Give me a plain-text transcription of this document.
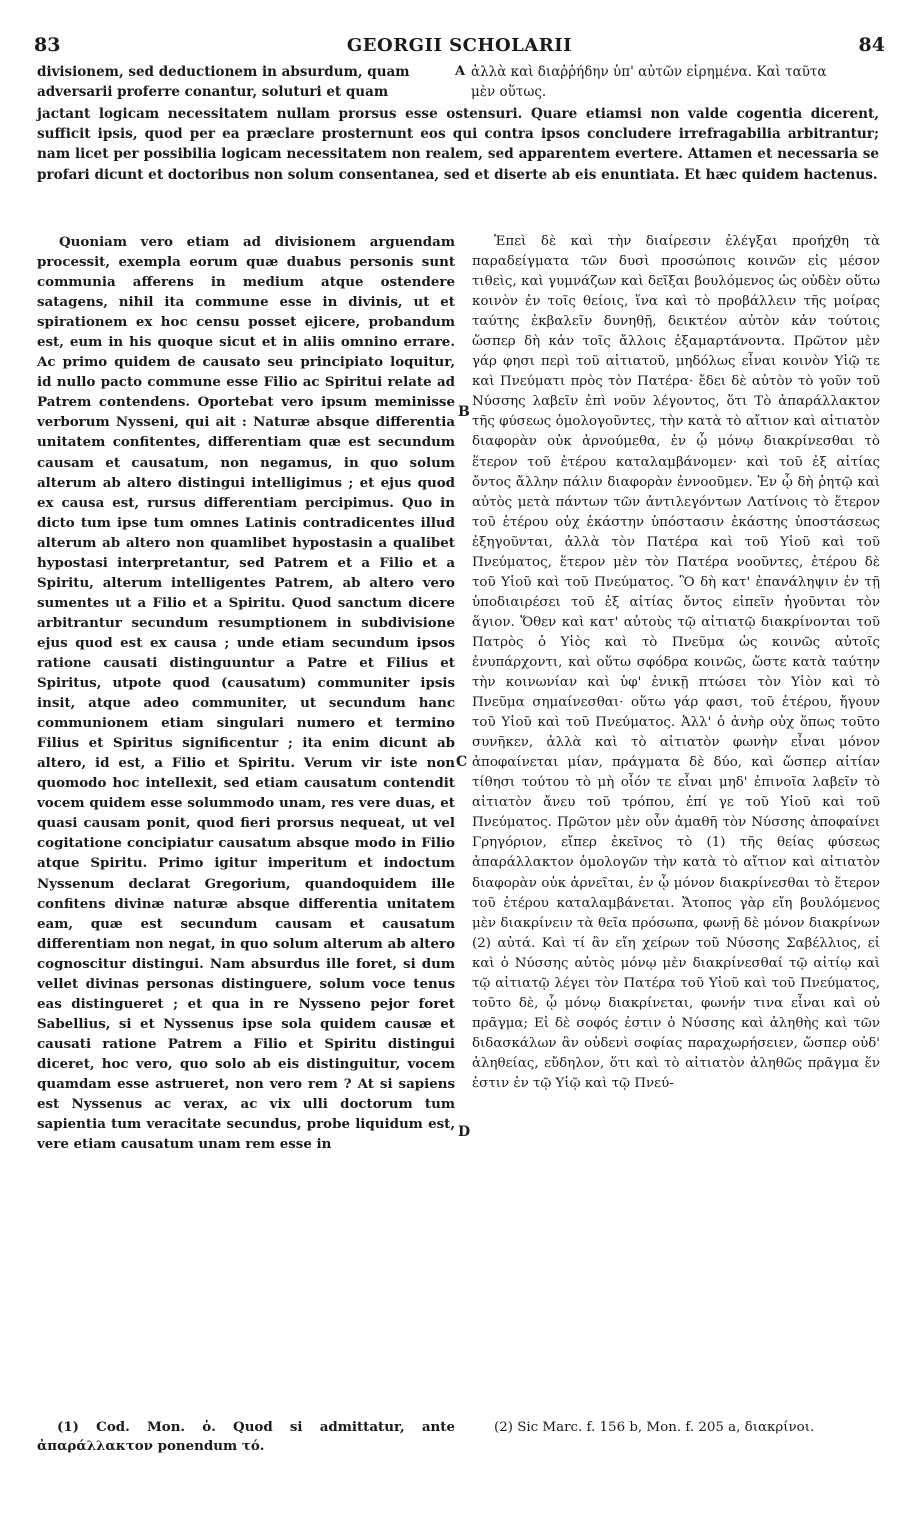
83	GEORGII SCHOLARII	84
divisionem, sed deductionem in absurdum, quam	A ἀλλὰ καὶ διαῤῥήδην ὑπ' αὐτῶν εἰρημένα. Καὶ ταῦτα
adversarii proferre conantur, soluturi et quam	μὲν οὕτως.
jactant logicam necessitatem nullam prorsus esse ostensuri. Quare etiamsi non valde cogentia dicerent, sufficit ipsis, quod per ea præclare prosternunt eos qui contra ipsos concludere irrefragabilia arbitrantur; nam licet per possibilia logicam necessitatem non realem, sed apparentem evertere. Attamen et necessaria se profari dicunt et doctoribus non solum consentanea, sed et diserte ab eis enuntiata. Et hæc quidem hactenus.

Quoniam vero etiam ad divisionem arguendam processit, exempla eorum quæ duabus personis sunt communia afferens in medium atque ostendere satagens, nihil ita commune esse in divinis, ut et spirationem ex hoc censu posset ejicere, probandum est, eum in his quoque sicut et in aliis omnino errare. Ac primo quidem de causato seu principiato loquitur, id nullo pacto commune esse Filio ac Spiritui relate ad Patrem contendens. Oportebat vero ipsum meminisse verborum Nysseni, qui ait : Naturæ absque differentia unitatem confitentes, differentiam quæ est secundum causam et causatum, non negamus, in quo solum alterum ab altero distingui intelligimus ; et ejus quod ex causa est, rursus differentiam percipimus. Quo in dicto tum ipse tum omnes Latinis contradicentes illud alterum ab altero non quamlibet hypostasin a qualibet hypostasi interpretantur, sed Patrem et a Filio et a Spiritu, alterum intelligentes Patrem, ab altero vero sumentes ut a Filio et a Spiritu. Quod sanctum dicere arbitrantur secundum resumptionem in subdivisione ejus quod est ex causa ; unde etiam secundum ipsos ratione causati distinguuntur a Patre et Filius et Spiritus, utpote quod (causatum) communiter ipsis insit, atque adeo communiter, ut secundum hanc communionem etiam singulari numero et termino Filius et Spiritus significentur ; ita enim dicunt ab altero, id est, a Filio et Spiritu. Verum vir iste non quomodo hoc intellexit, sed etiam causatum contendit vocem quidem esse solummodo unam, res vere duas, et quasi causam ponit, quod fieri prorsus nequeat, ut vel cogitatione concipiatur causatum absque modo in Filio atque Spiritu. Primo igitur imperitum et indoctum Nyssenum declarat Gregorium, quandoquidem ille confitens divinæ naturæ absque differentia unitatem eam, quæ est secundum causam et causatum differentiam non negat, in quo solum alterum ab altero cognoscitur distingui. Nam absurdus ille foret, si dum vellet divinas personas distinguere, solum voce tenus eas distingueret ; et qua in re Nysseno pejor foret Sabellius, si et Nyssenus ipse sola quidem causæ et causati ratione Patrem a Filio et Spiritu distingui diceret, hoc vero, quo solo ab eis distinguitur, vocem quamdam esse astrueret, non vero rem ? At si sapiens est Nyssenus ac verax, ac vix ulli doctorum tum sapientia tum veracitate secundus, probe liquidum est, vere etiam causatum unam rem esse in

Ἐπεὶ δὲ καὶ τὴν διαίρεσιν ἐλέγξαι προήχθη τὰ παραδείγματα τῶν δυσὶ προσώποις κοινῶν εἰς μέσον τιθεὶς, καὶ γυμνάζων καὶ δεῖξαι βουλόμενος ὡς οὐδὲν οὕτω κοινὸν ἐν τοῖς θείοις, ἵνα καὶ τὸ προβάλλειν τῆς μοίρας ταύτης ἐκβαλεῖν δυνηθῇ, δεικτέον αὐτὸν κἀν τούτοις ὥσπερ δὴ κἀν τοῖς ἄλλοις ἐξαμαρτάνοντα. Πρῶτον μὲν γάρ φησι περὶ τοῦ αἰτιατοῦ, μηδόλως εἶναι κοινὸν Υἱῷ τε καὶ Πνεύματι πρὸς τὸν Πατέρα· ἔδει δὲ αὐτὸν τὸ γοῦν τοῦ Νύσσης λαβεῖν ἐπὶ νοῦν λέγοντος, ὅτι Τὸ ἀπαράλλακτον τῆς φύσεως ὁμολογοῦντες, τὴν κατὰ τὸ αἴτιον καὶ αἰτιατὸν διαφορὰν οὐκ ἀρνούμεθα, ἐν ᾧ μόνῳ διακρίνεσθαι τὸ ἕτερον τοῦ ἑτέρου καταλαμβάνομεν· καὶ τοῦ ἐξ αἰτίας ὄντος ἄλλην πάλιν διαφορὰν ἐννοοῦμεν. Ἐν ᾧ δὴ ῥητῷ καὶ αὐτὸς μετὰ πάντων τῶν ἀντιλεγόντων Λατίνοις τὸ ἕτερον τοῦ ἑτέρου οὐχ ἑκάστην ὑπόστασιν ἑκάστης ὑποστάσεως ἐξηγοῦνται, ἀλλὰ τὸν Πατέρα καὶ τοῦ Υἱοῦ καὶ τοῦ Πνεύματος, ἕτερον μὲν τὸν Πατέρα νοοῦντες, ἑτέρου δὲ τοῦ Υἱοῦ καὶ τοῦ Πνεύματος. Ὃ δὴ κατ' ἐπανάληψιν ἐν τῇ ὑποδιαιρέσει τοῦ ἐξ αἰτίας ὄντος εἰπεῖν ἡγοῦνται τὸν ἅγιον. Ὅθεν καὶ κατ' αὐτοὺς τῷ αἰτιατῷ διακρίνονται τοῦ Πατρὸς ὁ Υἱὸς καὶ τὸ Πνεῦμα ὡς κοινῶς αὐτοῖς ἐνυπάρχοντι, καὶ οὕτω σφόδρα κοινῶς, ὥστε κατὰ ταύτην τὴν κοινωνίαν καὶ ὑφ' ἑνικῇ πτώσει τὸν Υἱὸν καὶ τὸ Πνεῦμα σημαίνεσθαι· οὕτω γάρ φασι, τοῦ ἑτέρου, ἤγουν τοῦ Υἱοῦ καὶ τοῦ Πνεύματος. Ἀλλ' ὁ ἀνὴρ οὐχ ὅπως τοῦτο συνῆκεν, ἀλλὰ καὶ τὸ αἰτιατὸν φωνὴν εἶναι μόνον ἀποφαίνεται μίαν, πράγματα δὲ δύο, καὶ ὥσπερ αἰτίαν τίθησι τούτου τὸ μὴ οἷόν τε εἶναι μηδ' ἐπινοῖα λαβεῖν τὸ αἰτιατὸν ἄνευ τοῦ τρόπου, ἐπί γε τοῦ Υἱοῦ καὶ τοῦ Πνεύματος. Πρῶτον μὲν οὖν ἀμαθῆ τὸν Νύσσης ἀποφαίνει Γρηγόριον, εἴπερ ἐκεῖνος τὸ (1) τῆς θείας φύσεως ἀπαράλλακτον ὁμολογῶν τὴν κατὰ τὸ αἴτιον καὶ αἰτιατὸν διαφορὰν οὐκ ἀρνεῖται, ἐν ᾧ μόνον διακρίνεσθαι τὸ ἕτερον τοῦ ἑτέρου καταλαμβάνεται. Ἄτοπος γὰρ εἴη βουλόμενος μὲν διακρίνειν τὰ θεῖα πρόσωπα, φωνῇ δὲ μόνον διακρίνων (2) αὐτά. Καὶ τί ἂν εἴη χείρων τοῦ Νύσσης Σαβέλλιος, εἰ καὶ ὁ Νύσσης αὐτὸς μόνῳ μὲν διακρίνεσθαί τῷ αἰτίῳ καὶ τῷ αἰτιατῷ λέγει τὸν Πατέρα τοῦ Υἱοῦ καὶ τοῦ Πνεύματος, τοῦτο δὲ, ᾧ μόνῳ διακρίνεται, φωνήν τινα εἶναι καὶ οὐ πρᾶγμα; Εἰ δὲ σοφός ἐστιν ὁ Νύσσης καὶ ἀληθὴς καὶ τῶν διδασκάλων ἂν οὐδενὶ σοφίας παραχωρήσειεν, ὥσπερ οὐδ' ἀληθείας, εὔδηλον, ὅτι καὶ τὸ αἰτιατὸν ἀληθῶς πρᾶγμα ἕν ἐστιν ἐν τῷ Υἱῷ καὶ τῷ Πνεύ-

B
C
D
(1) Cod. Mon. ὁ. Quod si admittatur, ante ἀπαράλλακτον ponendum τό.
(2) Sic Marc. f. 156 b, Mon. f. 205 a, διακρίνοι.
